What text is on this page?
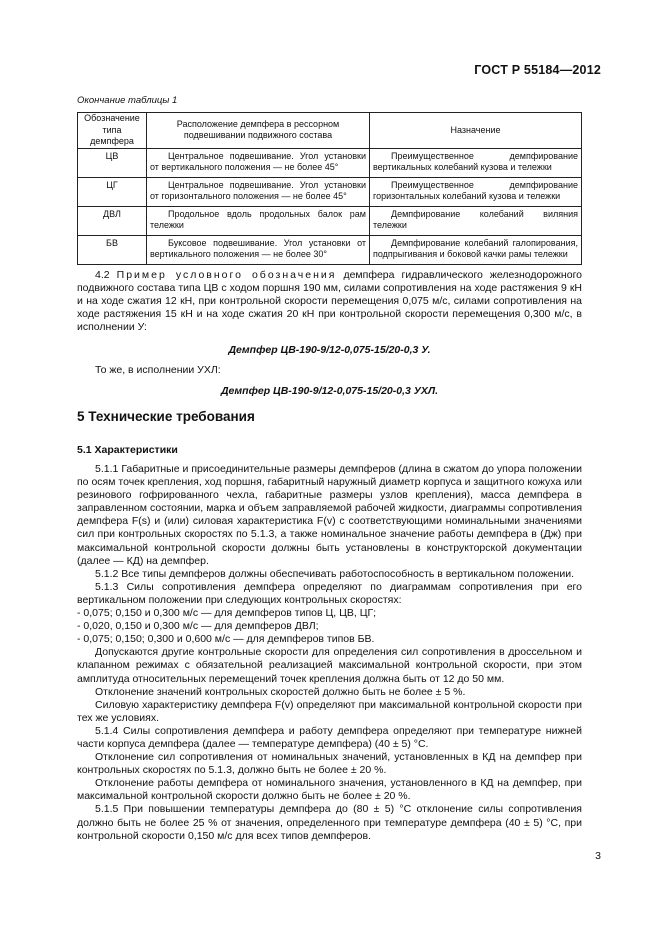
ГОСТ Р 55184—2012
Окончание таблицы 1
Обозначение типа демпфера	Расположение демпфера в рессорном подвешивании подвижного состава	Назначение
ЦВ	Центральное подвешивание. Угол установки от вертикального положения — не более 45°	Преимущественное демпфирование вертикальных колебаний кузова и тележки
ЦГ	Центральное подвешивание. Угол установки от горизонтального положения — не более 45°	Преимущественное демпфирование горизонтальных колебаний кузова и тележки
ДВЛ	Продольное вдоль продольных балок рам тележки	Демпфирование колебаний виляния тележки
БВ	Буксовое подвешивание. Угол установки от вертикального положения — не более 30°	Демпфирование колебаний галопирования, подпрыгивания и боковой качки рамы тележки

4.2 Пример условного обозначения демпфера гидравлического железнодорожного подвижного состава типа ЦВ с ходом поршня 190 мм, силами сопротивления на ходе растяжения 9 кН и на ходе сжатия 12 кН, при контрольной скорости перемещения 0,075 м/с, силами сопротивления на ходе растяжения 15 кН и на ходе сжатия 20 кН при контрольной скорости перемещения 0,300 м/с, в исполнении У:

Демпфер ЦВ-190-9/12-0,075-15/20-0,3 У.

То же, в исполнении УХЛ:

Демпфер ЦВ-190-9/12-0,075-15/20-0,3 УХЛ.

5 Технические требования
5.1 Характеристики

5.1.1 Габаритные и присоединительные размеры демпферов (длина в сжатом до упора положении по осям точек крепления, ход поршня, габаритный наружный диаметр корпуса и защитного кожуха или резинового гофрированного чехла, габаритные размеры узлов крепления), масса демпфера в заправленном состоянии, марка и объем заправляемой рабочей жидкости, диаграммы сопротивления демпфера F(s) и (или) силовая характеристика F(v) с соответствующими номинальными значениями сил при контрольных скоростях по 5.1.3, а также номинальное значение работы демпфера в (Дж) при максимальной контрольной скорости должны быть установлены в конструкторской документации (далее — КД) на демпфер.

5.1.2 Все типы демпферов должны обеспечивать работоспособность в вертикальном положении.

5.1.3 Силы сопротивления демпфера определяют по диаграммам сопротивления при его вертикальном положении при следующих контрольных скоростях:

- 0,075; 0,150 и 0,300 м/с — для демпферов типов Ц, ЦВ, ЦГ;

- 0,020, 0,150 и 0,300 м/с — для демпферов ДВЛ;

- 0,075; 0,150; 0,300 и 0,600 м/с — для демпферов типов БВ.

Допускаются другие контрольные скорости для определения сил сопротивления в дроссельном и клапанном режимах с обязательной реализацией максимальной контрольной скорости, при этом амплитуда относительных перемещений точек крепления должна быть от 12 до 50 мм.

Отклонение значений контрольных скоростей должно быть не более ± 5 %.

Силовую характеристику демпфера F(v) определяют при максимальной контрольной скорости при тех же условиях.

5.1.4 Силы сопротивления демпфера и работу демпфера определяют при температуре нижней части корпуса демпфера (далее — температуре демпфера) (40 ± 5) °С.

Отклонение сил сопротивления от номинальных значений, установленных в КД на демпфер при контрольных скоростях по 5.1.3, должно быть не более ± 20 %.

Отклонение работы демпфера от номинального значения, установленного в КД на демпфер, при максимальной контрольной скорости должно быть не более ± 20 %.

5.1.5 При повышении температуры демпфера до (80 ± 5) °С отклонение силы сопротивления должно быть не более 25 % от значения, определенного при температуре демпфера (40 ± 5) °С, при контрольной скорости 0,150 м/с для всех типов демпферов.

3
